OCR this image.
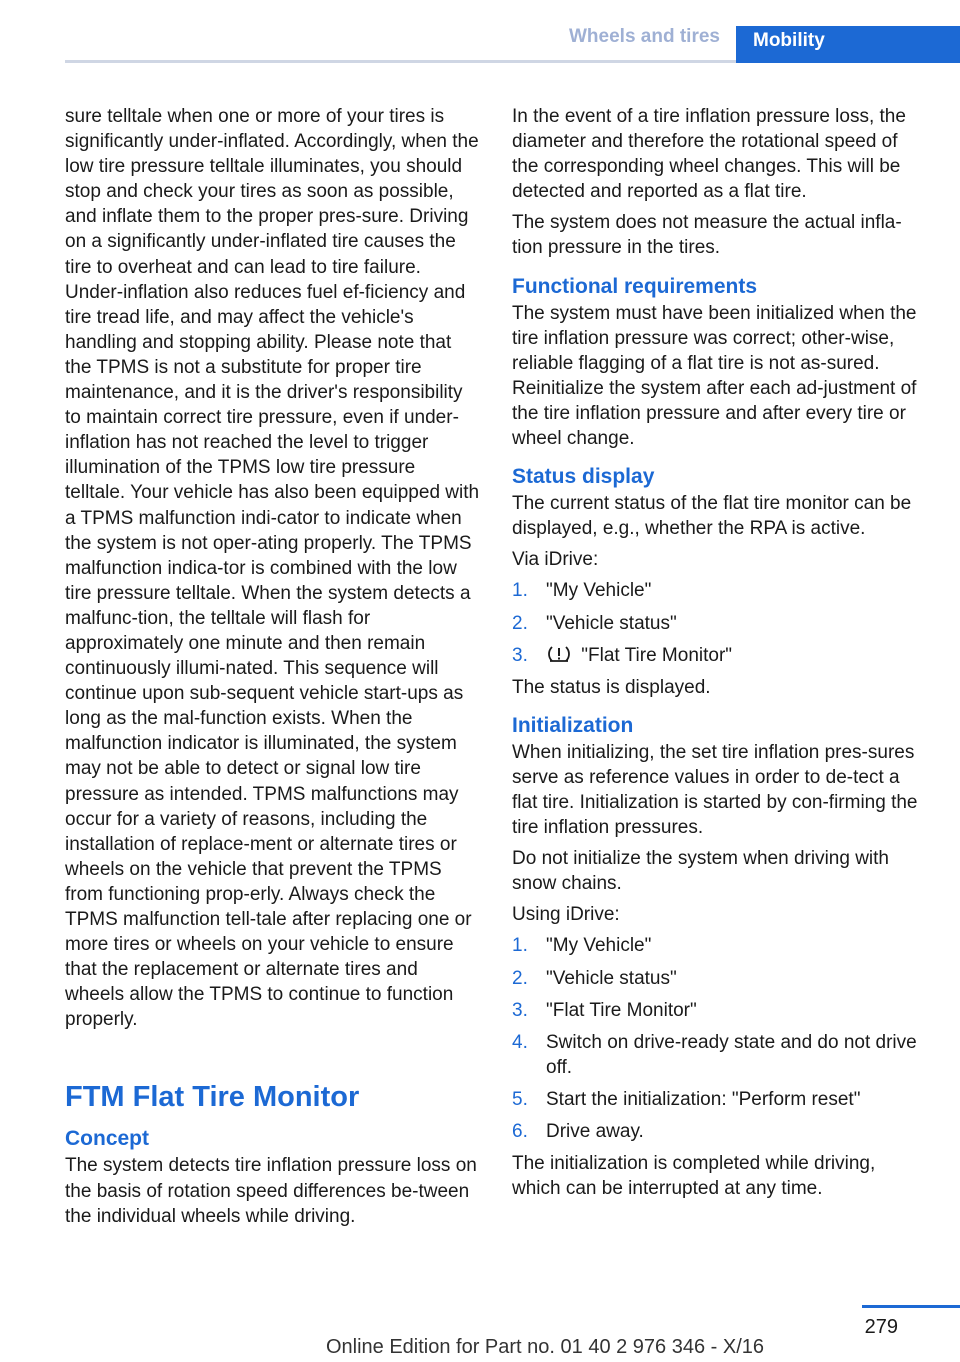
Wheels and tires	Mobility

sure telltale when one or more of your tires is significantly under-inflated. Accordingly, when the low tire pressure telltale illuminates, you should stop and check your tires as soon as possible, and inflate them to the proper pres-sure. Driving on a significantly under-inflated tire causes the tire to overheat and can lead to tire failure. Under-inflation also reduces fuel ef-ficiency and tire tread life, and may affect the vehicle's handling and stopping ability. Please note that the TPMS is not a substitute for proper tire maintenance, and it is the driver's responsibility to maintain correct tire pressure, even if under-inflation has not reached the level to trigger illumination of the TPMS low tire pressure telltale. Your vehicle has also been equipped with a TPMS malfunction indi-cator to indicate when the system is not oper-ating properly. The TPMS malfunction indica-tor is combined with the low tire pressure telltale. When the system detects a malfunc-tion, the telltale will flash for approximately one minute and then remain continuously illumi-nated. This sequence will continue upon sub-sequent vehicle start-ups as long as the mal-function exists. When the malfunction indicator is illuminated, the system may not be able to detect or signal low tire pressure as intended. TPMS malfunctions may occur for a variety of reasons, including the installation of replace-ment or alternate tires or wheels on the vehicle that prevent the TPMS from functioning prop-erly. Always check the TPMS malfunction tell-tale after replacing one or more tires or wheels on your vehicle to ensure that the replacement or alternate tires and wheels allow the TPMS to continue to function properly.

FTM Flat Tire Monitor
Concept

The system detects tire inflation pressure loss on the basis of rotation speed differences be-tween the individual wheels while driving.

In the event of a tire inflation pressure loss, the diameter and therefore the rotational speed of the corresponding wheel changes. This will be detected and reported as a flat tire.

The system does not measure the actual infla-tion pressure in the tires.

Functional requirements

The system must have been initialized when the tire inflation pressure was correct; other-wise, reliable flagging of a flat tire is not as-sured. Reinitialize the system after each ad-justment of the tire inflation pressure and after every tire or wheel change.

Status display

The current status of the flat tire monitor can be displayed, e.g., whether the RPA is active.

Via iDrive:

1. "My Vehicle"
2. "Vehicle status"
3.	"Flat Tire Monitor"

The status is displayed.

Initialization

When initializing, the set tire inflation pres-sures serve as reference values in order to de-tect a flat tire. Initialization is started by con-firming the tire inflation pressures.

Do not initialize the system when driving with snow chains.

Using iDrive:

1. "My Vehicle"
2. "Vehicle status"
3. "Flat Tire Monitor"
4. Switch on drive-ready state and do not drive off.
5. Start the initialization: "Perform reset"
6. Drive away.

The initialization is completed while driving, which can be interrupted at any time.

279
Online Edition for Part no. 01 40 2 976 346 - X/16
